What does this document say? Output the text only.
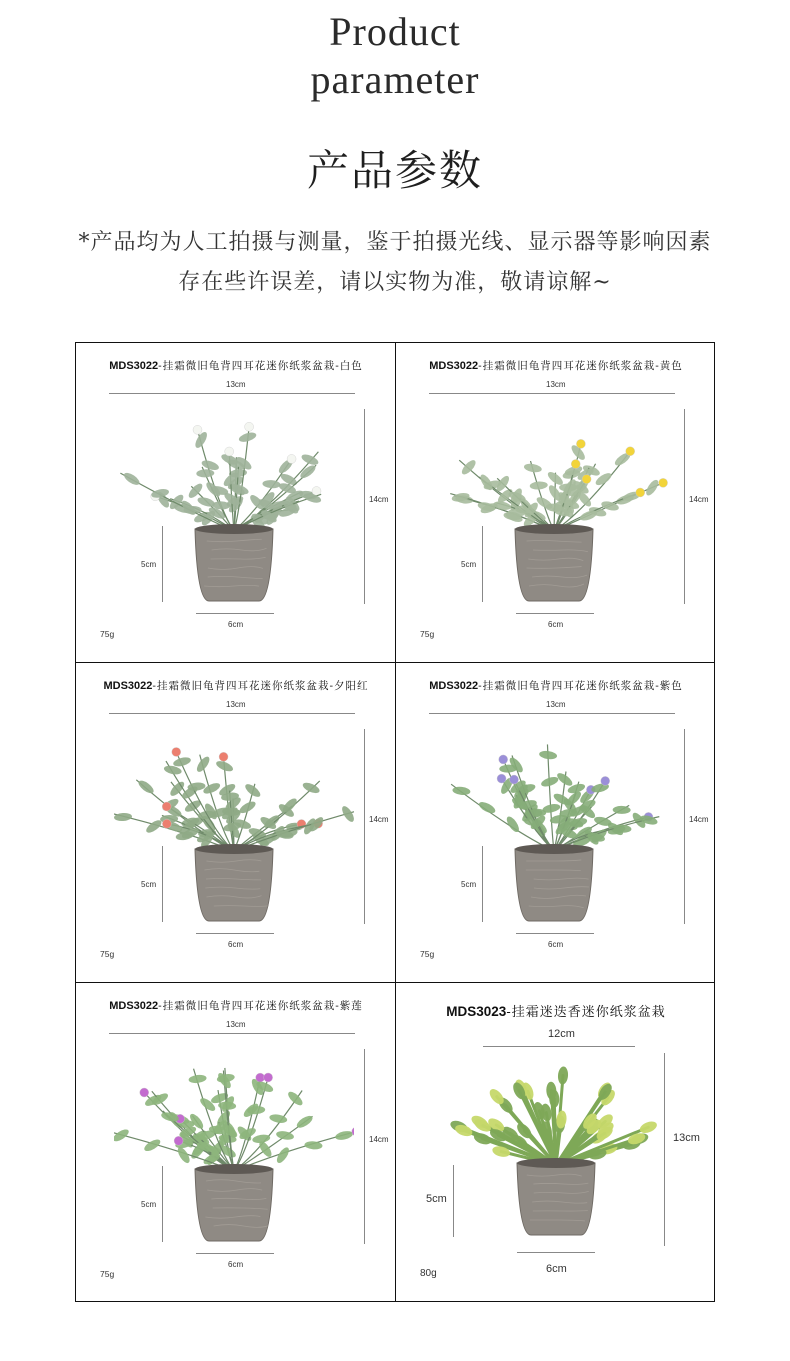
Product
parameter
产品参数
*产品均为人工拍摄与测量，鉴于拍摄光线、显示器等影响因素
存在些许误差，请以实物为准，敬请谅解~
MDS3022-挂霜微旧龟背四耳花迷你纸浆盆栽-白色
13cm
14cm
5cm
6cm
75g
MDS3022-挂霜微旧龟背四耳花迷你纸浆盆栽-黄色
13cm
14cm
5cm
6cm
75g
MDS3022-挂霜微旧龟背四耳花迷你纸浆盆栽-夕阳红
13cm
14cm
5cm
6cm
75g
MDS3022-挂霜微旧龟背四耳花迷你纸浆盆栽-紫色
13cm
14cm
5cm
6cm
75g
MDS3022-挂霜微旧龟背四耳花迷你纸浆盆栽-紫莲
13cm
14cm
5cm
6cm
75g
MDS3023-挂霜迷迭香迷你纸浆盆栽
12cm
13cm
5cm
6cm
80g
